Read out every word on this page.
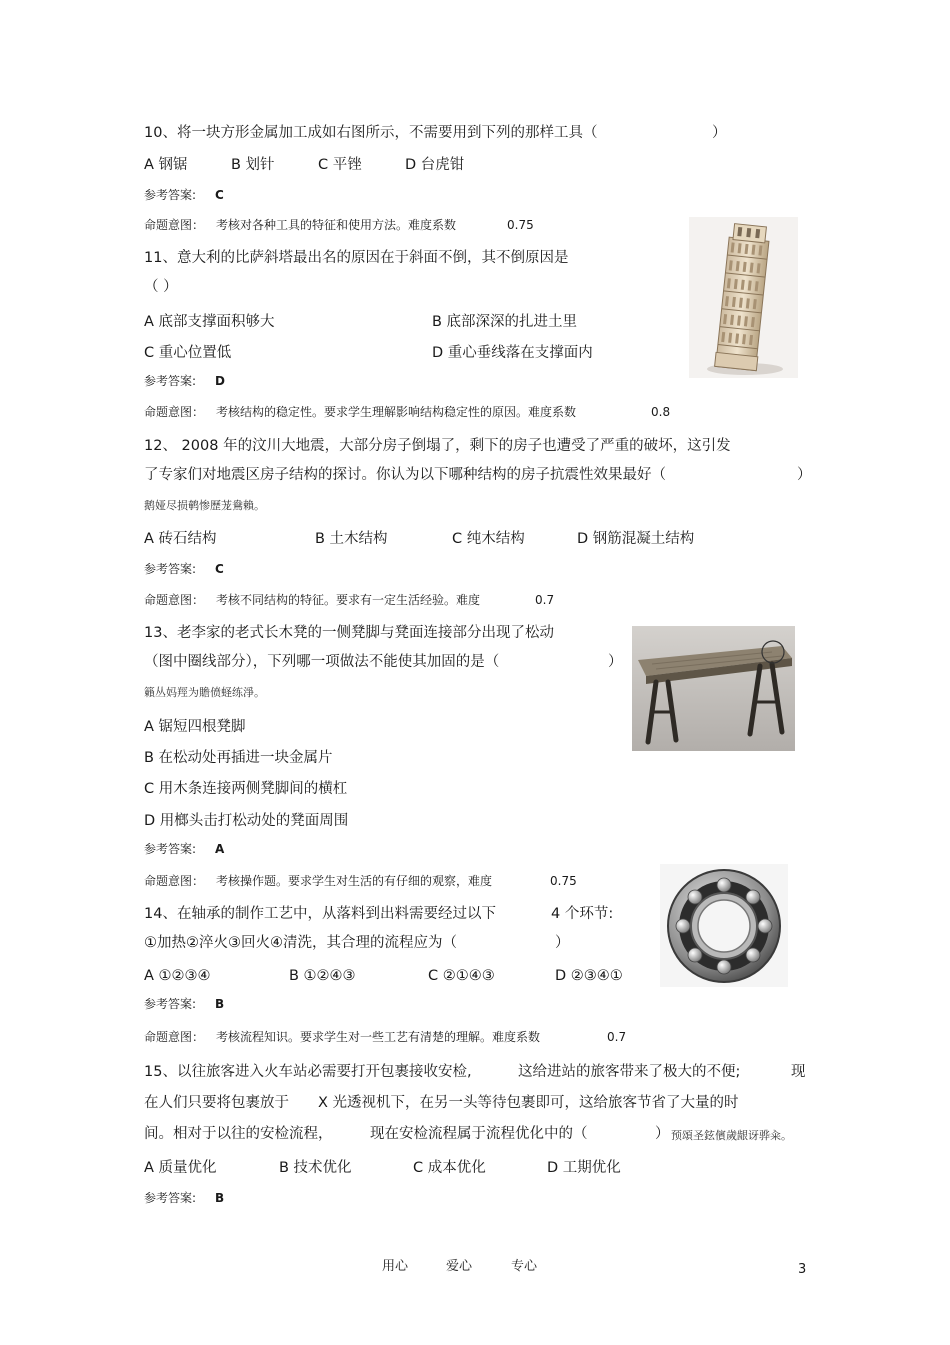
10、将一块方形金属加工成如右图所示，不需要用到下列的那样工具（	）
A 钢锯	B 划针	C 平锉	D 台虎钳
参考答案: C
命题意图： 考核对各种工具的特征和使用方法。难度系数	0.75
11、意大利的比萨斜塔最出名的原因在于斜面不倒，其不倒原因是
（ ）
A 底部支撑面积够大	B 底部深深的扎进土里
C 重心位置低	D 重心垂线落在支撑面内
参考答案: D
命题意图： 考核结构的稳定性。要求学生理解影响结构稳定性的原因。难度系数	0.8
12、 2008 年的汶川大地震，大部分房子倒塌了，剩下的房子也遭受了严重的破坏，这引发
了专家们对地震区房子结构的探讨。你认为以下哪种结构的房子抗震性效果最好（	）
鹅娅尽损鹌惨歷茏鴦賴。
A 砖石结构	B 土木结构	C 纯木结构	D 钢筋混凝土结构
参考答案: C
命题意图： 考核不同结构的特征。要求有一定生活经验。难度	0.7
13、老李家的老式长木凳的一侧凳脚与凳面连接部分出现了松动
（图中圈线部分），下列哪一项做法不能使其加固的是（	）
籟丛妈羥为贍偾蛏练淨。
A 锯短四根凳脚
B 在松动处再插进一块金属片
C 用木条连接两侧凳脚间的横杠
D 用榔头击打松动处的凳面周围
参考答案: A
命题意图： 考核操作题。要求学生对生活的有仔细的观察，难度	0.75
14、在轴承的制作工艺中，从落料到出料需要经过以下	4 个环节:
①加热②淬火③回火④清洗，其合理的流程应为（	）
A ①②③④	B ①②④③	C ②①④③	D ②③④①
参考答案: B
命题意图： 考核流程知识。要求学生对一些工艺有清楚的理解。难度系数	0.7
15、以往旅客进入火车站必需要打开包裹接收安检,	这给进站的旅客带来了极大的不便;	现
在人们只要将包裹放于 X 光透视机下，在另一头等待包裹即可，这给旅客节省了大量的时
间。相对于以往的安检流程，	现在安检流程属于流程优化中的（	） 预頌圣鉉儐歲龈讶骅籴。
A 质量优化	B 技术优化	C 成本优化	D 工期优化
参考答案: B
用心	爱心	专心	3
